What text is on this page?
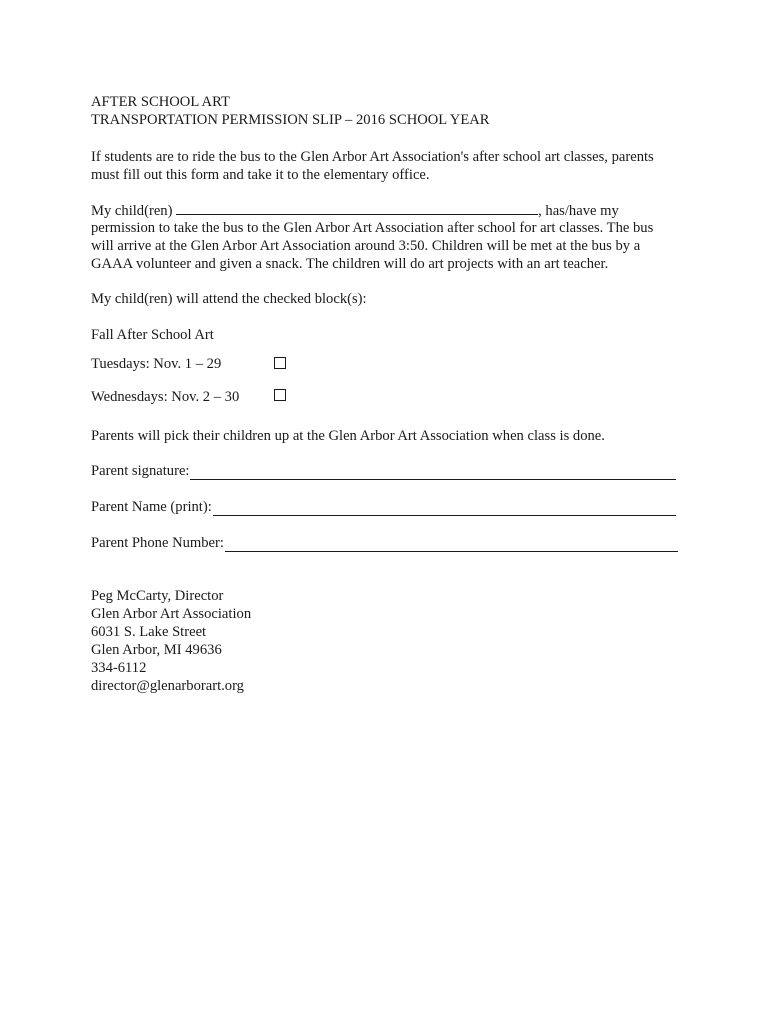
AFTER SCHOOL ART
TRANSPORTATION PERMISSION SLIP – 2016 SCHOOL YEAR
If students are to ride the bus to the Glen Arbor Art Association's after school art classes, parents
must fill out this form and take it to the elementary office.
My child(ren)	, has/have my
permission to take the bus to the Glen Arbor Art Association after school for art classes. The bus
will arrive at the Glen Arbor Art Association around 3:50. Children will be met at the bus by a
GAAA volunteer and given a snack. The children will do art projects with an art teacher.
My child(ren) will attend the checked block(s):
Fall After School Art
Tuesdays: Nov. 1 – 29
Wednesdays: Nov. 2 – 30
Parents will pick their children up at the Glen Arbor Art Association when class is done.
Parent signature:
Parent Name (print):
Parent Phone Number:
Peg McCarty, Director
Glen Arbor Art Association
6031 S. Lake Street
Glen Arbor, MI 49636
334-6112
director@glenarborart.org
